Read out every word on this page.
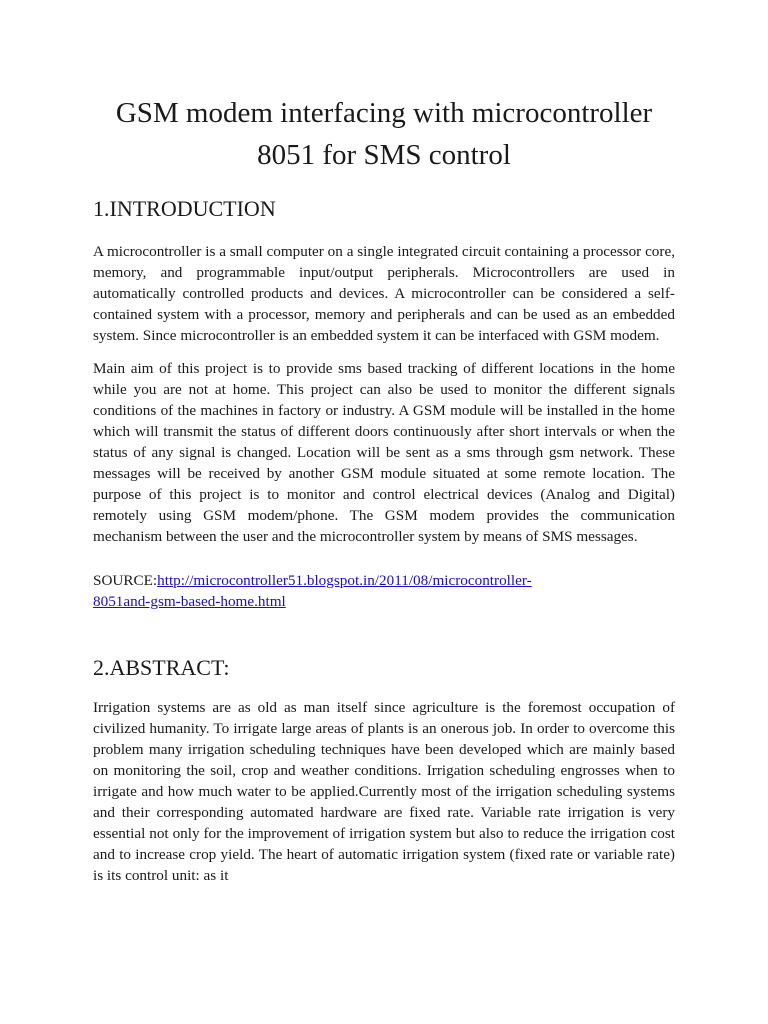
GSM modem interfacing with microcontroller
8051 for SMS control
1.INTRODUCTION

A microcontroller is a small computer on a single integrated circuit containing a processor core, memory, and programmable input/output peripherals. Microcontrollers are used in automatically controlled products and devices. A microcontroller can be considered a self-contained system with a processor, memory and peripherals and can be used as an embedded system. Since microcontroller is an embedded system it can be interfaced with GSM modem.

Main aim of this project is to provide sms based tracking of different locations in the home while you are not at home. This project can also be used to monitor the different signals conditions of the machines in factory or industry. A GSM module will be installed in the home which will transmit the status of different doors continuously after short intervals or when the status of any signal is changed. Location will be sent as a sms through gsm network. These messages will be received by another GSM module situated at some remote location. The purpose of this project is to monitor and control electrical devices (Analog and Digital) remotely using GSM modem/phone. The GSM modem provides the communication mechanism between the user and the microcontroller system by means of SMS messages.

SOURCE:http://microcontroller51.blogspot.in/2011/08/microcontroller-
8051and-gsm-based-home.html

2.ABSTRACT:

Irrigation systems are as old as man itself since agriculture is the foremost occupation of civilized humanity. To irrigate large areas of plants is an onerous job. In order to overcome this problem many irrigation scheduling techniques have been developed which are mainly based on monitoring the soil, crop and weather conditions. Irrigation scheduling engrosses when to irrigate and how much water to be applied.Currently most of the irrigation scheduling systems and their corresponding automated hardware are fixed rate. Variable rate irrigation is very essential not only for the improvement of irrigation system but also to reduce the irrigation cost and to increase crop yield. The heart of automatic irrigation system (fixed rate or variable rate) is its control unit: as it
